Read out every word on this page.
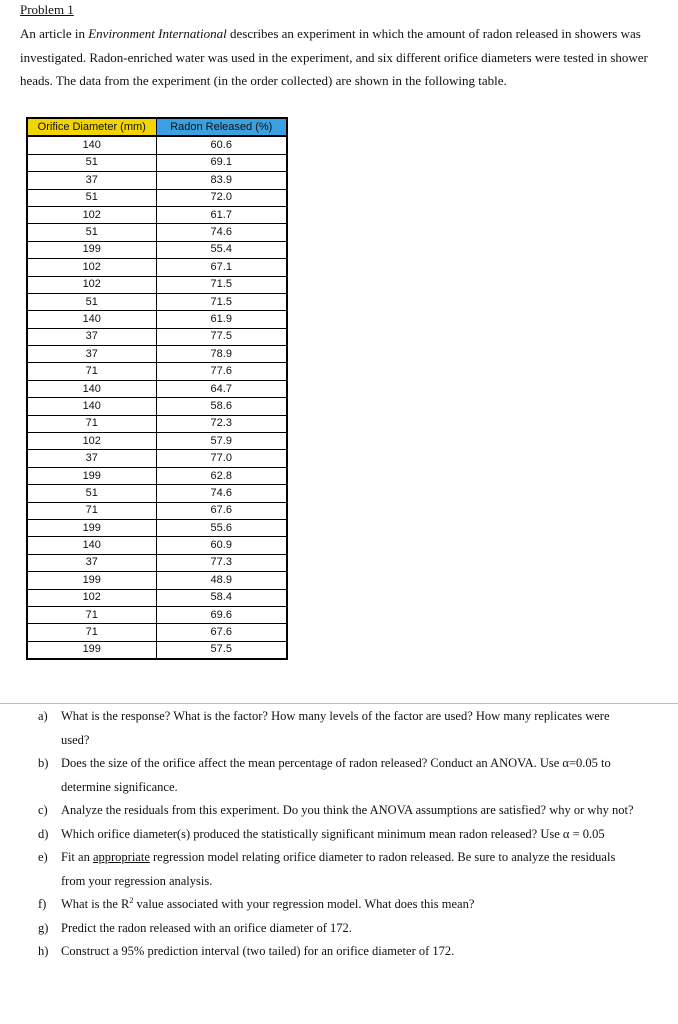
Problem 1

An article in Environment International describes an experiment in which the amount of radon released in showers was investigated. Radon-enriched water was used in the experiment, and six different orifice diameters were tested in shower heads. The data from the experiment (in the order collected) are shown in the following table.

Orifice Diameter (mm)	Radon Released (%)
140	60.6
51	69.1
37	83.9
51	72.0
102	61.7
51	74.6
199	55.4
102	67.1
102	71.5
51	71.5
140	61.9
37	77.5
37	78.9
71	77.6
140	64.7
140	58.6
71	72.3
102	57.9
37	77.0
199	62.8
51	74.6
71	67.6
199	55.6
140	60.9
37	77.3
199	48.9
102	58.4
71	69.6
71	67.6
199	57.5
a) What is the response? What is the factor? How many levels of the factor are used? How many replicates were used?
b) Does the size of the orifice affect the mean percentage of radon released? Conduct an ANOVA. Use α=0.05 to determine significance.
c) Analyze the residuals from this experiment. Do you think the ANOVA assumptions are satisfied? why or why not?
d) Which orifice diameter(s) produced the statistically significant minimum mean radon released? Use α = 0.05
e) Fit an appropriate regression model relating orifice diameter to radon released. Be sure to analyze the residuals from your regression analysis.
f) What is the $R^2$ value associated with your regression model. What does this mean?
g) Predict the radon released with an orifice diameter of 172.
h) Construct a 95% prediction interval (two tailed) for an orifice diameter of 172.
